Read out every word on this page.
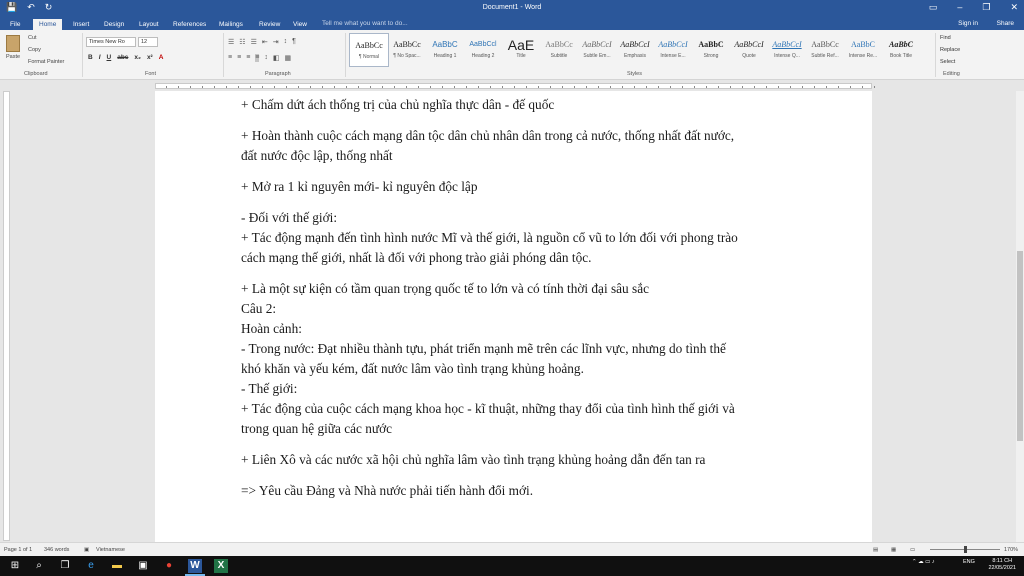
💾 ↶ ↻	Document1 - Word	▭ – ❐ ✕
File	Home	Insert	Design	Layout	References	Mailings	Review	View	Tell me what you want to do...	Sign in	Share
Paste
Cut
Copy
Format Painter
Clipboard
Times New Ro	12
B I U abc x₂ x² A
Font
☰ ☷ ☰ ⇤ ⇥ ↕ ¶
≡ ≡ ≡ ≡ ↕ ◧ ▦
Paragraph
AaBbCc
¶ Normal
AaBbCc
¶ No Spac...
AaBbC
Heading 1
AaBbCcl
Heading 2
AaE
Title
AaBbCc
Subtitle
AaBbCcI
Subtle Em...
AaBbCcI
Emphasis
AaBbCcI
Intense E...
AaBbC
Strong
AaBbCcI
Quote
AaBbCcI
Intense Q...
AaBbCc
Subtle Ref...
AaBbC
Intense Re...
AaBbC
Book Title
Styles
Find
Replace
Select
Editing
+ Chấm dứt ách thống trị của chủ nghĩa thực dân - đế quốc
+ Hoàn thành cuộc cách mạng dân tộc dân chủ nhân dân trong cả nước, thống nhất đất nước,
đất nước độc lập, thống nhất
+ Mở ra 1 kỉ nguyên mới- kỉ nguyên độc lập
- Đối với thế giới:
+ Tác động mạnh đến tình hình nước Mĩ và thế giới, là nguồn cổ vũ to lớn đối với phong trào
cách mạng thế giới, nhất là đối với phong trào giải phóng dân tộc.
+ Là một sự kiện có tầm quan trọng quốc tế to lớn và có tính thời đại sâu sắc
Câu 2:
Hoàn cảnh:
- Trong nước: Đạt nhiều thành tựu, phát triển mạnh mẽ trên các lĩnh vực, nhưng do tình thế
khó khăn và yếu kém, đất nước lâm vào tình trạng khủng hoảng.
- Thế giới:
+ Tác động của cuộc cách mạng khoa học - kĩ thuật, những thay đổi của tình hình thế giới và
trong quan hệ giữa các nước
+ Liên Xô và các nước xã hội chủ nghĩa lâm vào tình trạng khủng hoảng dẫn đến tan ra
=> Yêu cầu Đảng và Nhà nước phải tiến hành đổi mới.
Page 1 of 1 346 words	▣ Vietnamese	▤ ▦	▭	170%
⊞	⌕	❐	e	▬ ▣	●	W	X	⌃ ☁ ▭ ♪	ENG	8:11 CH
22/05/2021
